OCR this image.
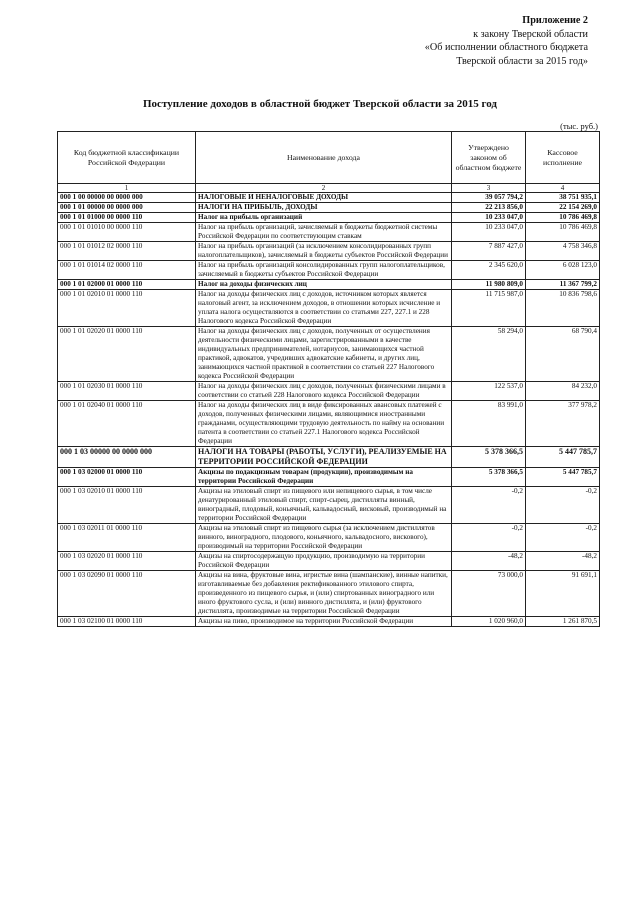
Приложение 2
к закону Тверской области
«Об исполнении областного бюджета
Тверской области за 2015 год»
Поступление доходов в областной бюджет Тверской области за 2015 год
(тыс. руб.)
Код бюджетной классификации Российской Федерации	Наименование дохода	Утверждено законом об областном бюджете	Кассовое исполнение
1	2	3	4
000 1 00 00000 00 0000 000	НАЛОГОВЫЕ И НЕНАЛОГОВЫЕ ДОХОДЫ	39 057 794,2	38 751 935,1
000 1 01 00000 00 0000 000	НАЛОГИ НА ПРИБЫЛЬ, ДОХОДЫ	22 213 856,0	22 154 269,0
000 1 01 01000 00 0000 110	Налог на прибыль организаций	10 233 047,0	10 786 469,8
000 1 01 01010 00 0000 110	Налог на прибыль организаций, зачисляемый в бюджеты бюджетной системы Российской Федерации по соответствующим ставкам	10 233 047,0	10 786 469,8
000 1 01 01012 02 0000 110	Налог на прибыль организаций (за исключением консолидированных групп налогоплательщиков), зачисляемый в бюджеты субъектов Российской Федерации	7 887 427,0	4 758 346,8
000 1 01 01014 02 0000 110	Налог на прибыль организаций консолидированных групп налогоплательщиков, зачисляемый в бюджеты субъектов Российской Федерации	2 345 620,0	6 028 123,0
000 1 01 02000 01 0000 110	Налог на доходы физических лиц	11 980 809,0	11 367 799,2
000 1 01 02010 01 0000 110	Налог на доходы физических лиц с доходов, источником которых является налоговый агент, за исключением доходов, в отношении которых исчисление и уплата налога осуществляются в соответствии со статьями 227, 227.1 и 228 Налогового кодекса Российской Федерации	11 715 987,0	10 836 798,6
000 1 01 02020 01 0000 110	Налог на доходы физических лиц с доходов, полученных от осуществления деятельности физическими лицами, зарегистрированными в качестве индивидуальных предпринимателей, нотариусов, занимающихся частной практикой, адвокатов, учредивших адвокатские кабинеты, и других лиц, занимающихся частной практикой в соответствии со статьей 227 Налогового кодекса Российской Федерации	58 294,0	68 790,4
000 1 01 02030 01 0000 110	Налог на доходы физических лиц с доходов, полученных физическими лицами в соответствии со статьей 228 Налогового кодекса Российской Федерации	122 537,0	84 232,0
000 1 01 02040 01 0000 110	Налог на доходы физических лиц в виде фиксированных авансовых платежей с доходов, полученных физическими лицами, являющимися иностранными гражданами, осуществляющими трудовую деятельность по найму на основании патента в соответствии со статьей 227.1 Налогового кодекса Российской Федерации	83 991,0	377 978,2
000 1 03 00000 00 0000 000	НАЛОГИ НА ТОВАРЫ (РАБОТЫ, УСЛУГИ), РЕАЛИЗУЕМЫЕ НА ТЕРРИТОРИИ РОССИЙСКОЙ ФЕДЕРАЦИИ	5 378 366,5	5 447 785,7
000 1 03 02000 01 0000 110	Акцизы по подакцизным товарам (продукции), производимым на территории Российской Федерации	5 378 366,5	5 447 785,7
000 1 03 02010 01 0000 110	Акцизы на этиловый спирт из пищевого или непищевого сырья, в том числе денатурированный этиловый спирт, спирт-сырец, дистилляты винный, виноградный, плодовый, коньячный, кальвадосный, висковый, производимый на территории Российской Федерации	-0,2	-0,2
000 1 03 02011 01 0000 110	Акцизы на этиловый спирт из пищевого сырья (за исключением дистиллятов винного, виноградного, плодового, коньячного, кальвадосного, вискового), производимый на территории Российской Федерации	-0,2	-0,2
000 1 03 02020 01 0000 110	Акцизы на спиртосодержащую продукцию, производимую на территории Российской Федерации	-48,2	-48,2
000 1 03 02090 01 0000 110	Акцизы на вина, фруктовые вина, игристые вина (шампанские), винные напитки, изготавливаемые без добавления ректификованного этилового спирта, произведенного из пищевого сырья, и (или) спиртованных виноградного или иного фруктового сусла, и (или) винного дистиллята, и (или) фруктового дистиллята, производимые на территории Российской Федерации	73 000,0	91 691,1
000 1 03 02100 01 0000 110	Акцизы на пиво, производимое на территории Российской Федерации	1 020 960,0	1 261 870,5
